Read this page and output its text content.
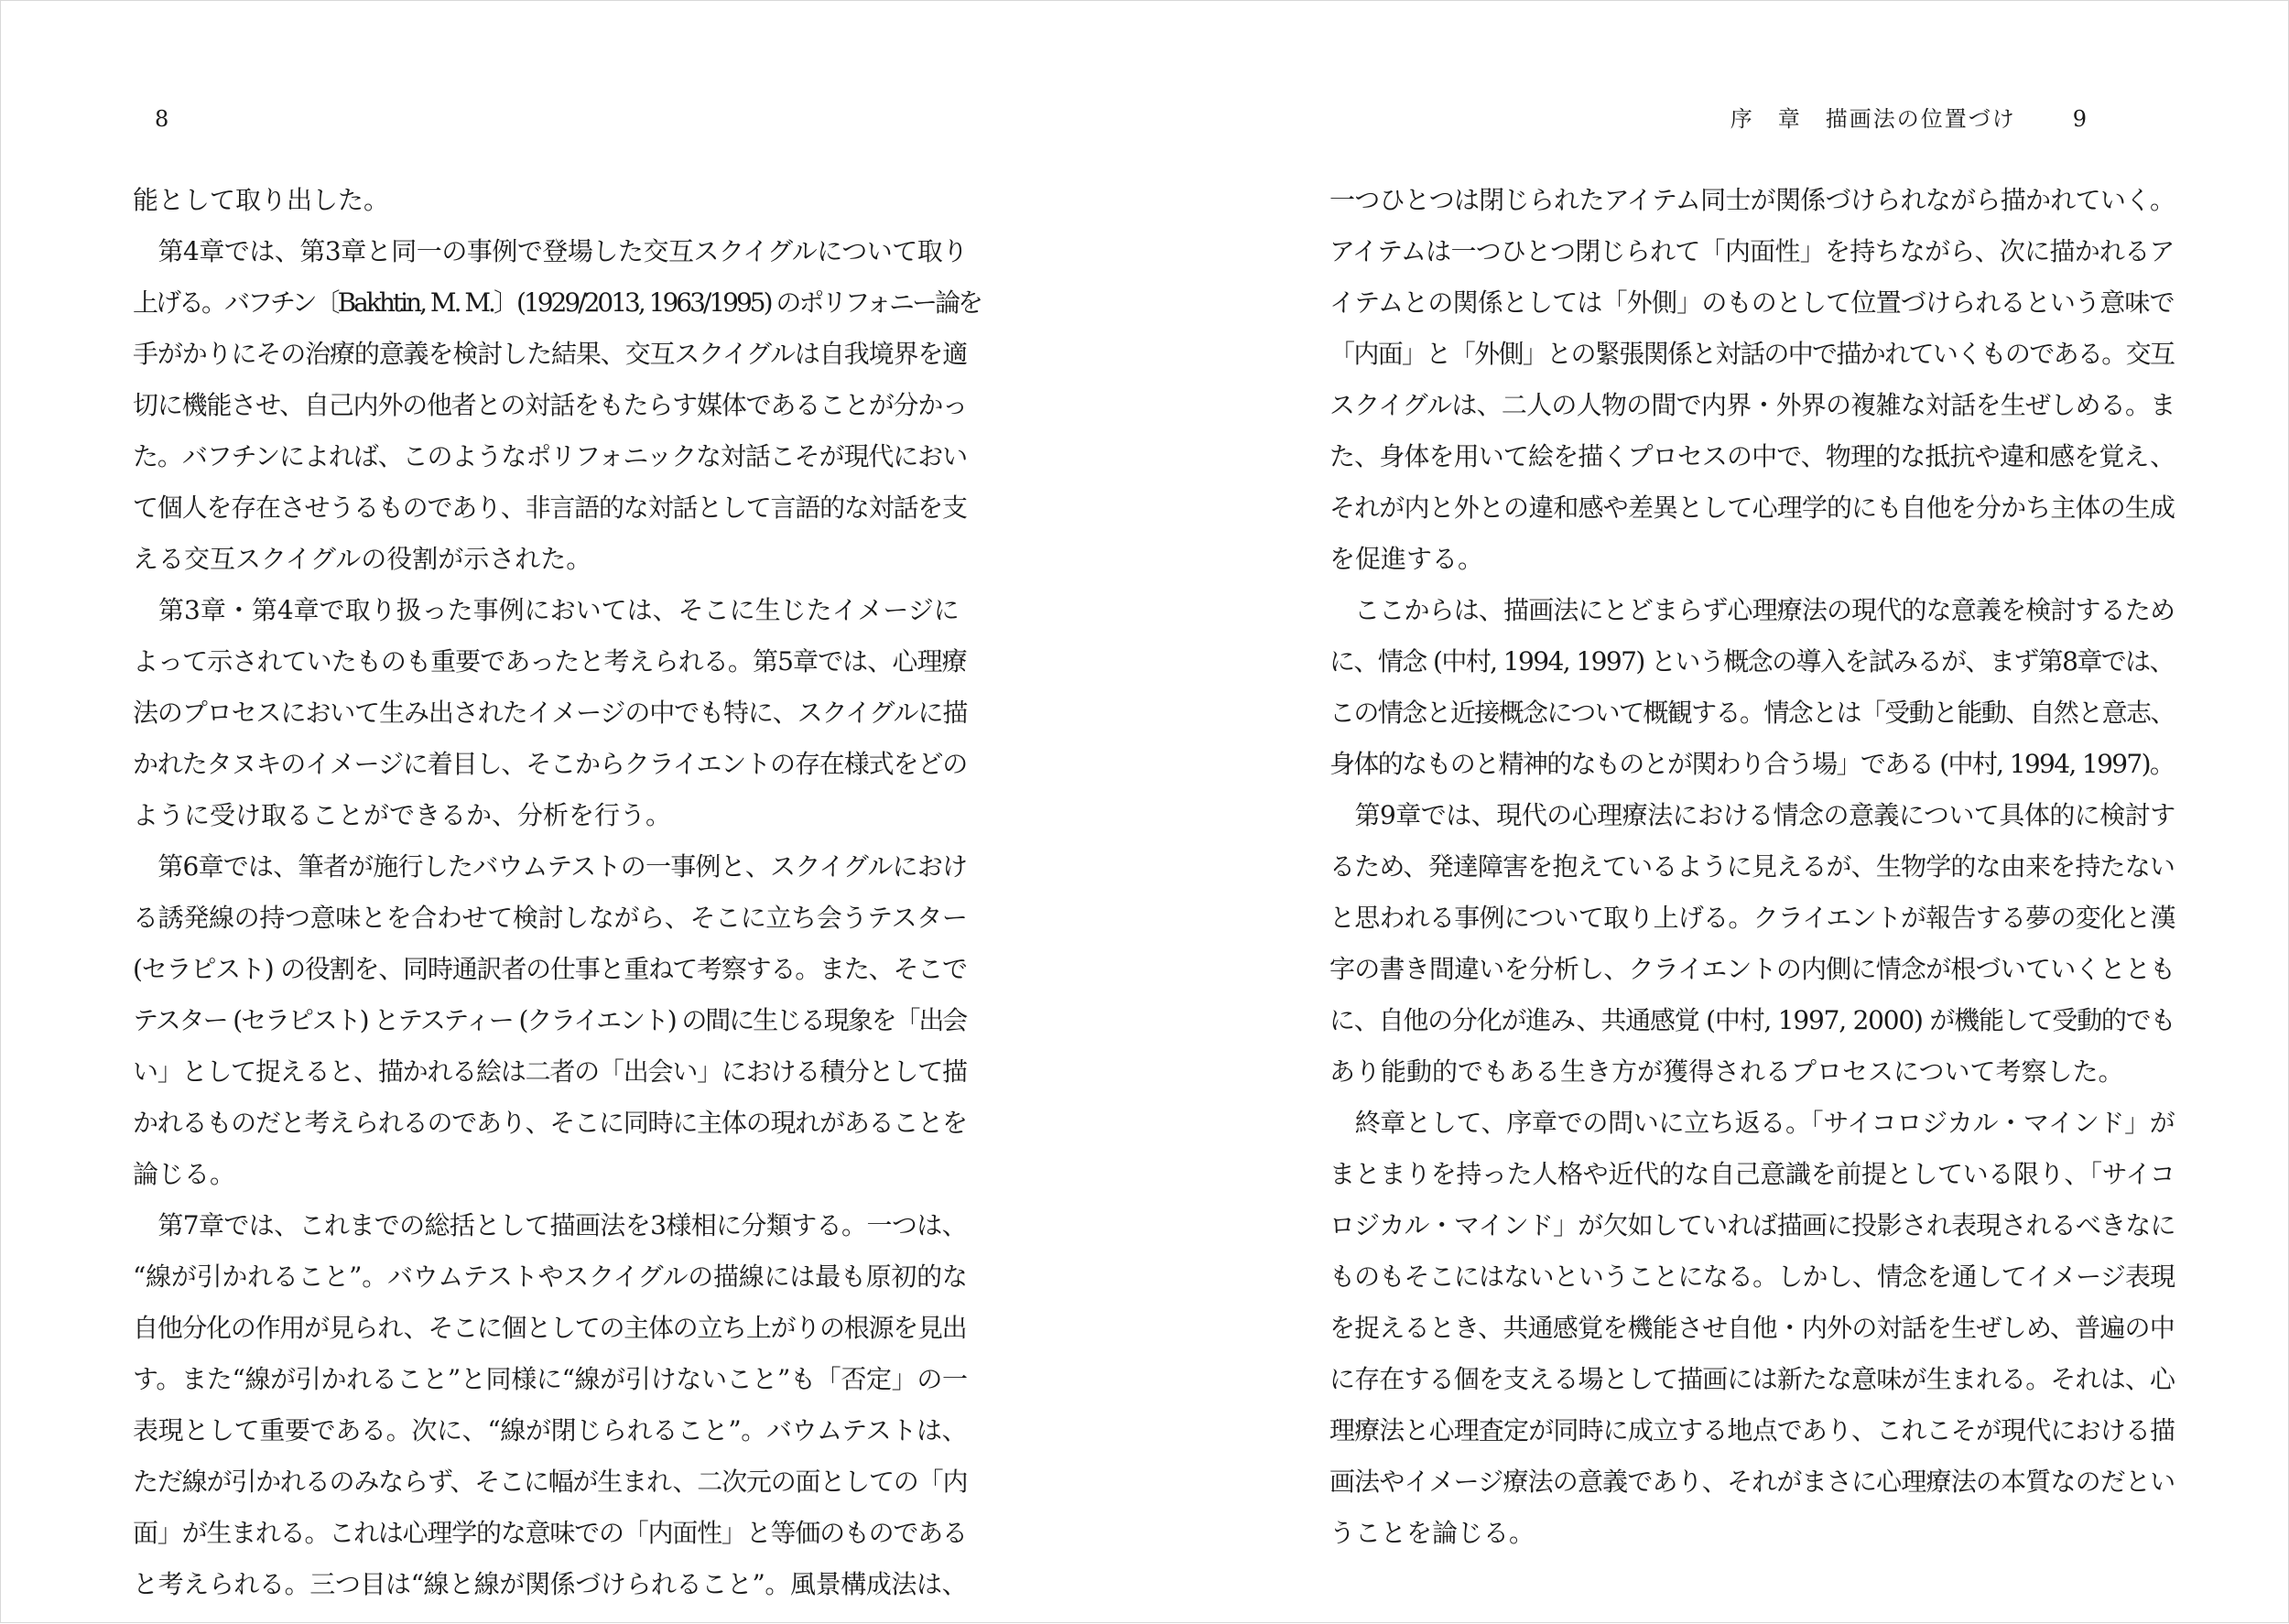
8
能として取り出した。
　第4章では、第3章と同一の事例で登場した交互スクイグルについて取り
上げる。バフチン〔Bakhtin, M. M.〕(1929/2013, 1963/1995) のポリフォニー論を
手がかりにその治療的意義を検討した結果、交互スクイグルは自我境界を適
切に機能させ、自己内外の他者との対話をもたらす媒体であることが分かっ
た。バフチンによれば、このようなポリフォニックな対話こそが現代におい
て個人を存在させうるものであり、非言語的な対話として言語的な対話を支
える交互スクイグルの役割が示された。
　第3章・第4章で取り扱った事例においては、そこに生じたイメージに
よって示されていたものも重要であったと考えられる。第5章では、心理療
法のプロセスにおいて生み出されたイメージの中でも特に、スクイグルに描
かれたタヌキのイメージに着目し、そこからクライエントの存在様式をどの
ように受け取ることができるか、分析を行う。
　第6章では、筆者が施行したバウムテストの一事例と、スクイグルにおけ
る誘発線の持つ意味とを合わせて検討しながら、そこに立ち会うテスター
(セラピスト) の役割を、同時通訳者の仕事と重ねて考察する。また、そこで
テスター (セラピスト) とテスティー (クライエント) の間に生じる現象を「出会
い」として捉えると、描かれる絵は二者の「出会い」における積分として描
かれるものだと考えられるのであり、そこに同時に主体の現れがあることを
論じる。
　第7章では、これまでの総括として描画法を3様相に分類する。一つは、
“線が引かれること”。バウムテストやスクイグルの描線には最も原初的な
自他分化の作用が見られ、そこに個としての主体の立ち上がりの根源を見出
す。また“線が引かれること”と同様に“線が引けないこと”も「否定」の一
表現として重要である。次に、“線が閉じられること”。バウムテストは、
ただ線が引かれるのみならず、そこに幅が生まれ、二次元の面としての「内
面」が生まれる。これは心理学的な意味での「内面性」と等価のものである
と考えられる。三つ目は“線と線が関係づけられること”。風景構成法は、
序　章　描画法の位置づけ	9
一つひとつは閉じられたアイテム同士が関係づけられながら描かれていく。
アイテムは一つひとつ閉じられて「内面性」を持ちながら、次に描かれるア
イテムとの関係としては「外側」のものとして位置づけられるという意味で
「内面」と「外側」との緊張関係と対話の中で描かれていくものである。交互
スクイグルは、二人の人物の間で内界・外界の複雑な対話を生ぜしめる。ま
た、身体を用いて絵を描くプロセスの中で、物理的な抵抗や違和感を覚え、
それが内と外との違和感や差異として心理学的にも自他を分かち主体の生成
を促進する。
　ここからは、描画法にとどまらず心理療法の現代的な意義を検討するため
に、情念 (中村, 1994, 1997) という概念の導入を試みるが、まず第8章では、
この情念と近接概念について概観する。情念とは「受動と能動、自然と意志、
身体的なものと精神的なものとが関わり合う場」である (中村, 1994, 1997)。
　第9章では、現代の心理療法における情念の意義について具体的に検討す
るため、発達障害を抱えているように見えるが、生物学的な由来を持たない
と思われる事例について取り上げる。クライエントが報告する夢の変化と漢
字の書き間違いを分析し、クライエントの内側に情念が根づいていくととも
に、自他の分化が進み、共通感覚 (中村, 1997, 2000) が機能して受動的でも
あり能動的でもある生き方が獲得されるプロセスについて考察した。
　終章として、序章での問いに立ち返る。「サイコロジカル・マインド」が
まとまりを持った人格や近代的な自己意識を前提としている限り、「サイコ
ロジカル・マインド」が欠如していれば描画に投影され表現されるべきなに
ものもそこにはないということになる。しかし、情念を通してイメージ表現
を捉えるとき、共通感覚を機能させ自他・内外の対話を生ぜしめ、普遍の中
に存在する個を支える場として描画には新たな意味が生まれる。それは、心
理療法と心理査定が同時に成立する地点であり、これこそが現代における描
画法やイメージ療法の意義であり、それがまさに心理療法の本質なのだとい
うことを論じる。
